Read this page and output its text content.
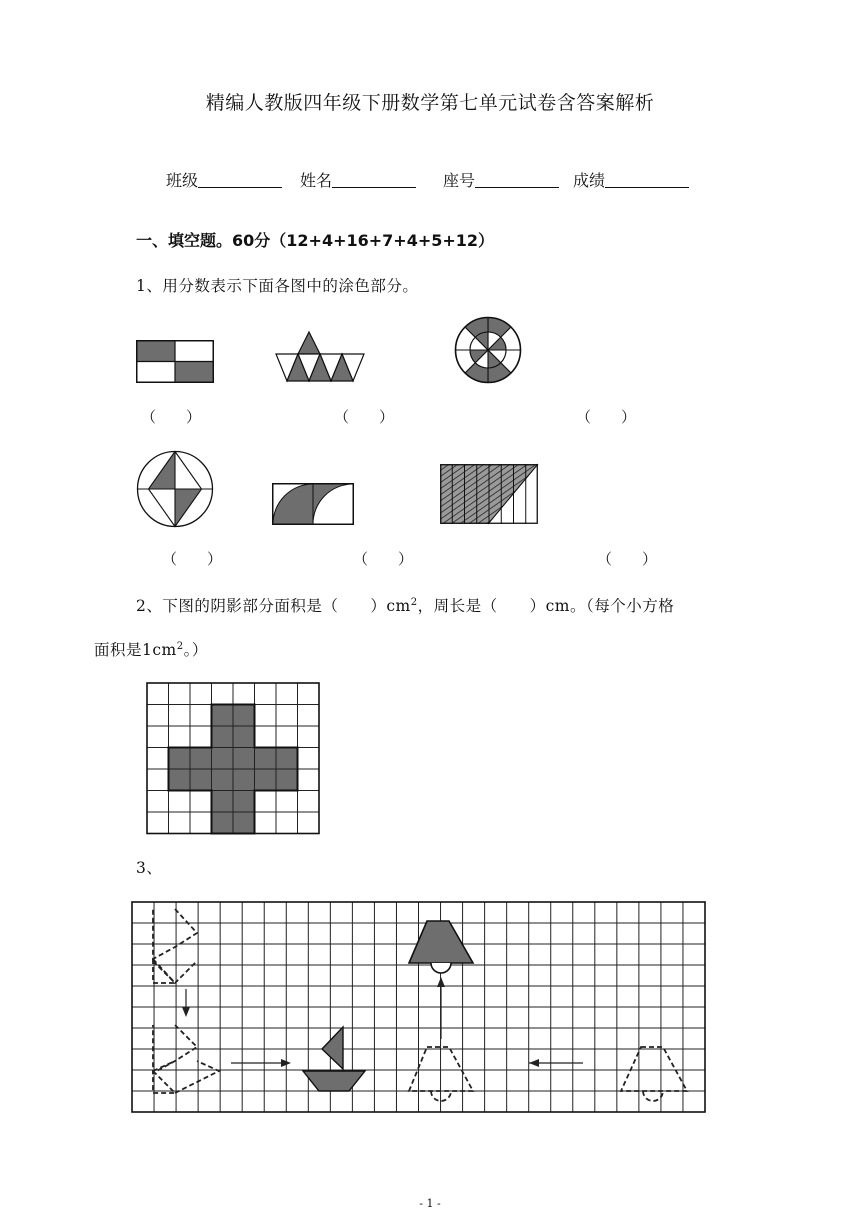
精编人教版四年级下册数学第七单元试卷含答案解析
班级	姓名	座号	成绩
一、填空题。60分（12+4+16+7+4+5+12）
1、用分数表示下面各图中的涂色部分。
（　　）	（　　）	（　　）
（　　）	（　　）	（　　）
2、下图的阴影部分面积是（　　）$cm^2$，周长是（　　）cm。（每个小方格
面积是$1cm^2$。）
3、
- 1 -
